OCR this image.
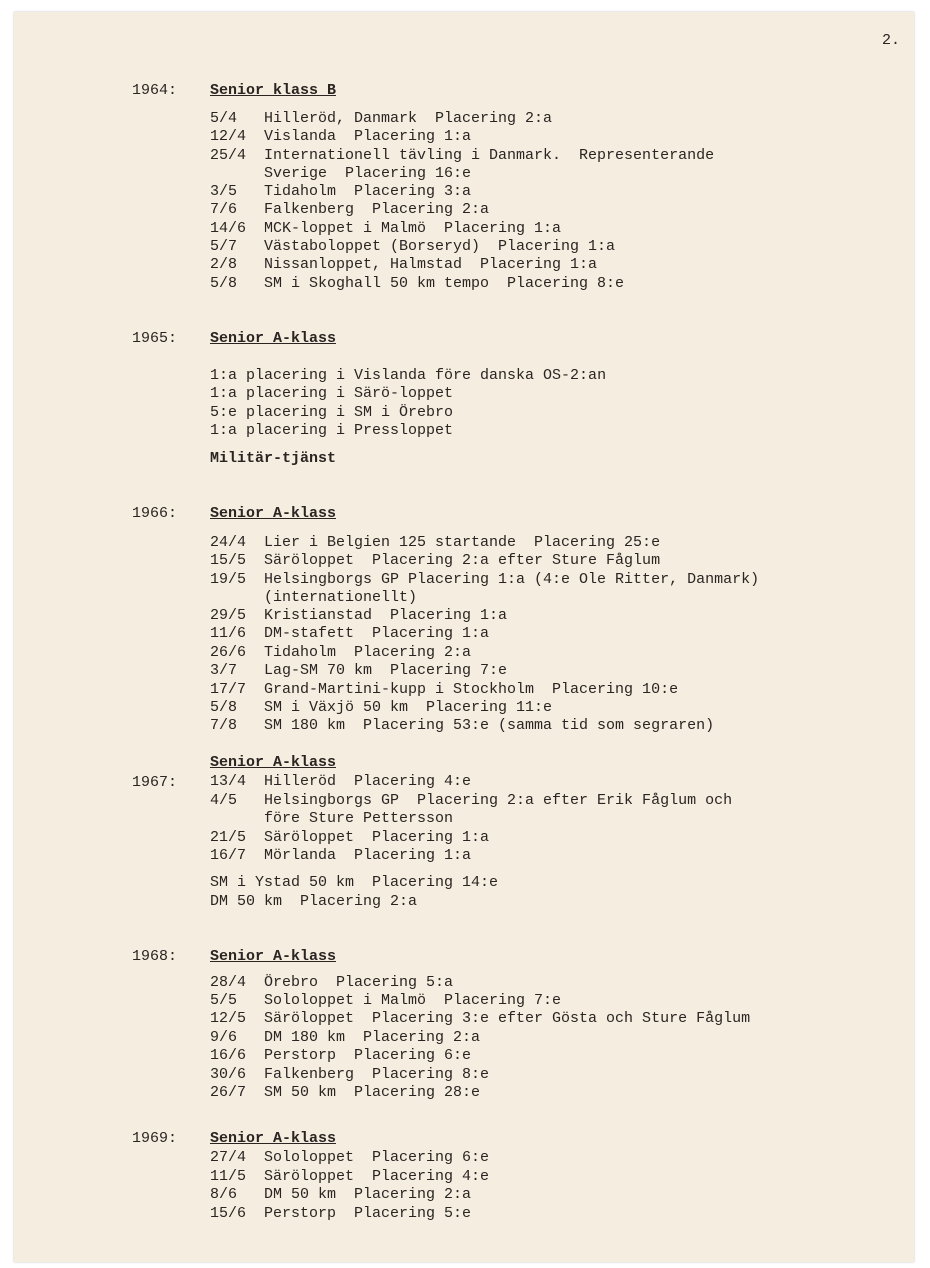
2.
1964: Senior klass B
5/4 Hilleröd, Danmark  Placering 2:a
12/4 Vislanda  Placering 1:a
25/4 Internationell tävling i Danmark.  Representerande
Sverige  Placering 16:e
3/5 Tidaholm  Placering 3:a
7/6 Falkenberg  Placering 2:a
14/6 MCK-loppet i Malmö  Placering 1:a
5/7 Västaboloppet (Borseryd)  Placering 1:a
2/8 Nissanloppet, Halmstad  Placering 1:a
5/8 SM i Skoghall 50 km tempo  Placering 8:e
1965: Senior A-klass
1:a placering i Vislanda före danska OS-2:an
1:a placering i Särö-loppet
5:e placering i SM i Örebro
1:a placering i Pressloppet
Militär-tjänst
1966: Senior A-klass
24/4 Lier i Belgien 125 startande  Placering 25:e
15/5 Säröloppet  Placering 2:a efter Sture Fåglum
19/5 Helsingborgs GP Placering 1:a (4:e Ole Ritter, Danmark)
(internationellt)
29/5 Kristianstad  Placering 1:a
11/6 DM-stafett  Placering 1:a
26/6 Tidaholm  Placering 2:a
3/7 Lag-SM 70 km  Placering 7:e
17/7 Grand-Martini-kupp i Stockholm  Placering 10:e
5/8 SM i Växjö 50 km  Placering 11:e
7/8 SM 180 km  Placering 53:e (samma tid som segraren)
Senior A-klass
1967: 13/4 Hilleröd  Placering 4:e
4/5 Helsingborgs GP  Placering 2:a efter Erik Fåglum och
före Sture Pettersson
21/5 Säröloppet  Placering 1:a
16/7 Mörlanda  Placering 1:a
SM i Ystad 50 km  Placering 14:e
DM 50 km  Placering 2:a
1968: Senior A-klass
28/4 Örebro  Placering 5:a
5/5 Sololoppet i Malmö  Placering 7:e
12/5 Säröloppet  Placering 3:e efter Gösta och Sture Fåglum
9/6 DM 180 km  Placering 2:a
16/6 Perstorp  Placering 6:e
30/6 Falkenberg  Placering 8:e
26/7 SM 50 km  Placering 28:e
1969: Senior A-klass
27/4 Sololoppet  Placering 6:e
11/5 Säröloppet  Placering 4:e
8/6 DM 50 km  Placering 2:a
15/6 Perstorp  Placering 5:e
